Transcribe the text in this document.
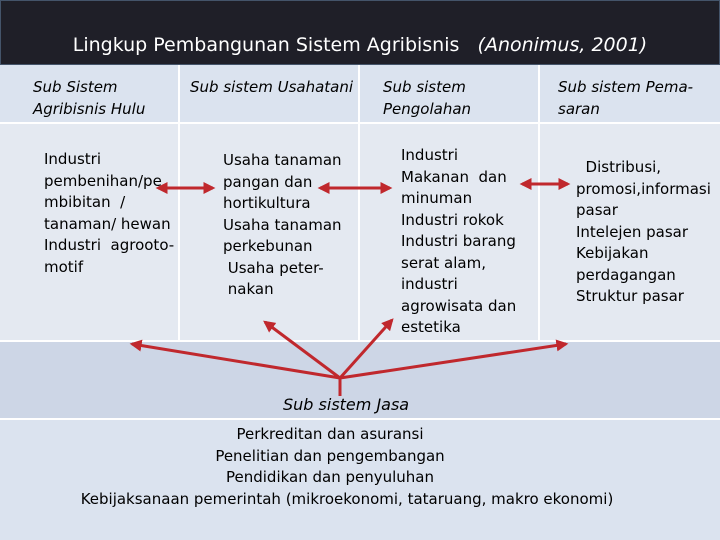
Lingkup Pembangunan Sistem Agribisnis (Anonimus, 2001)
Sub Sistem
Agribisnis Hulu
Sub sistem Usahatani Sub sistem
Pengolahan
Sub sistem Pema-
saran
Industri
pembenihan/pe
mbibitan  /
tanaman/ hewan
Industri  agrooto-
motif
Usaha tanaman
pangan dan
hortikultura
Usaha tanaman
perkebunan
Usaha peter-
nakan
Industri
Makanan  dan
minuman
Industri rokok
Industri barang
serat alam,
industri
agrowisata dan
estetika
Distribusi,
promosi,informasi
pasar
Intelejen pasar
Kebijakan
perdagangan
Struktur pasar
Sub sistem Jasa
Perkreditan dan asuransi
Penelitian dan pengembangan
Pendidikan dan penyuluhan
Kebijaksanaan pemerintah (mikroekonomi, tataruang, makro ekonomi)
